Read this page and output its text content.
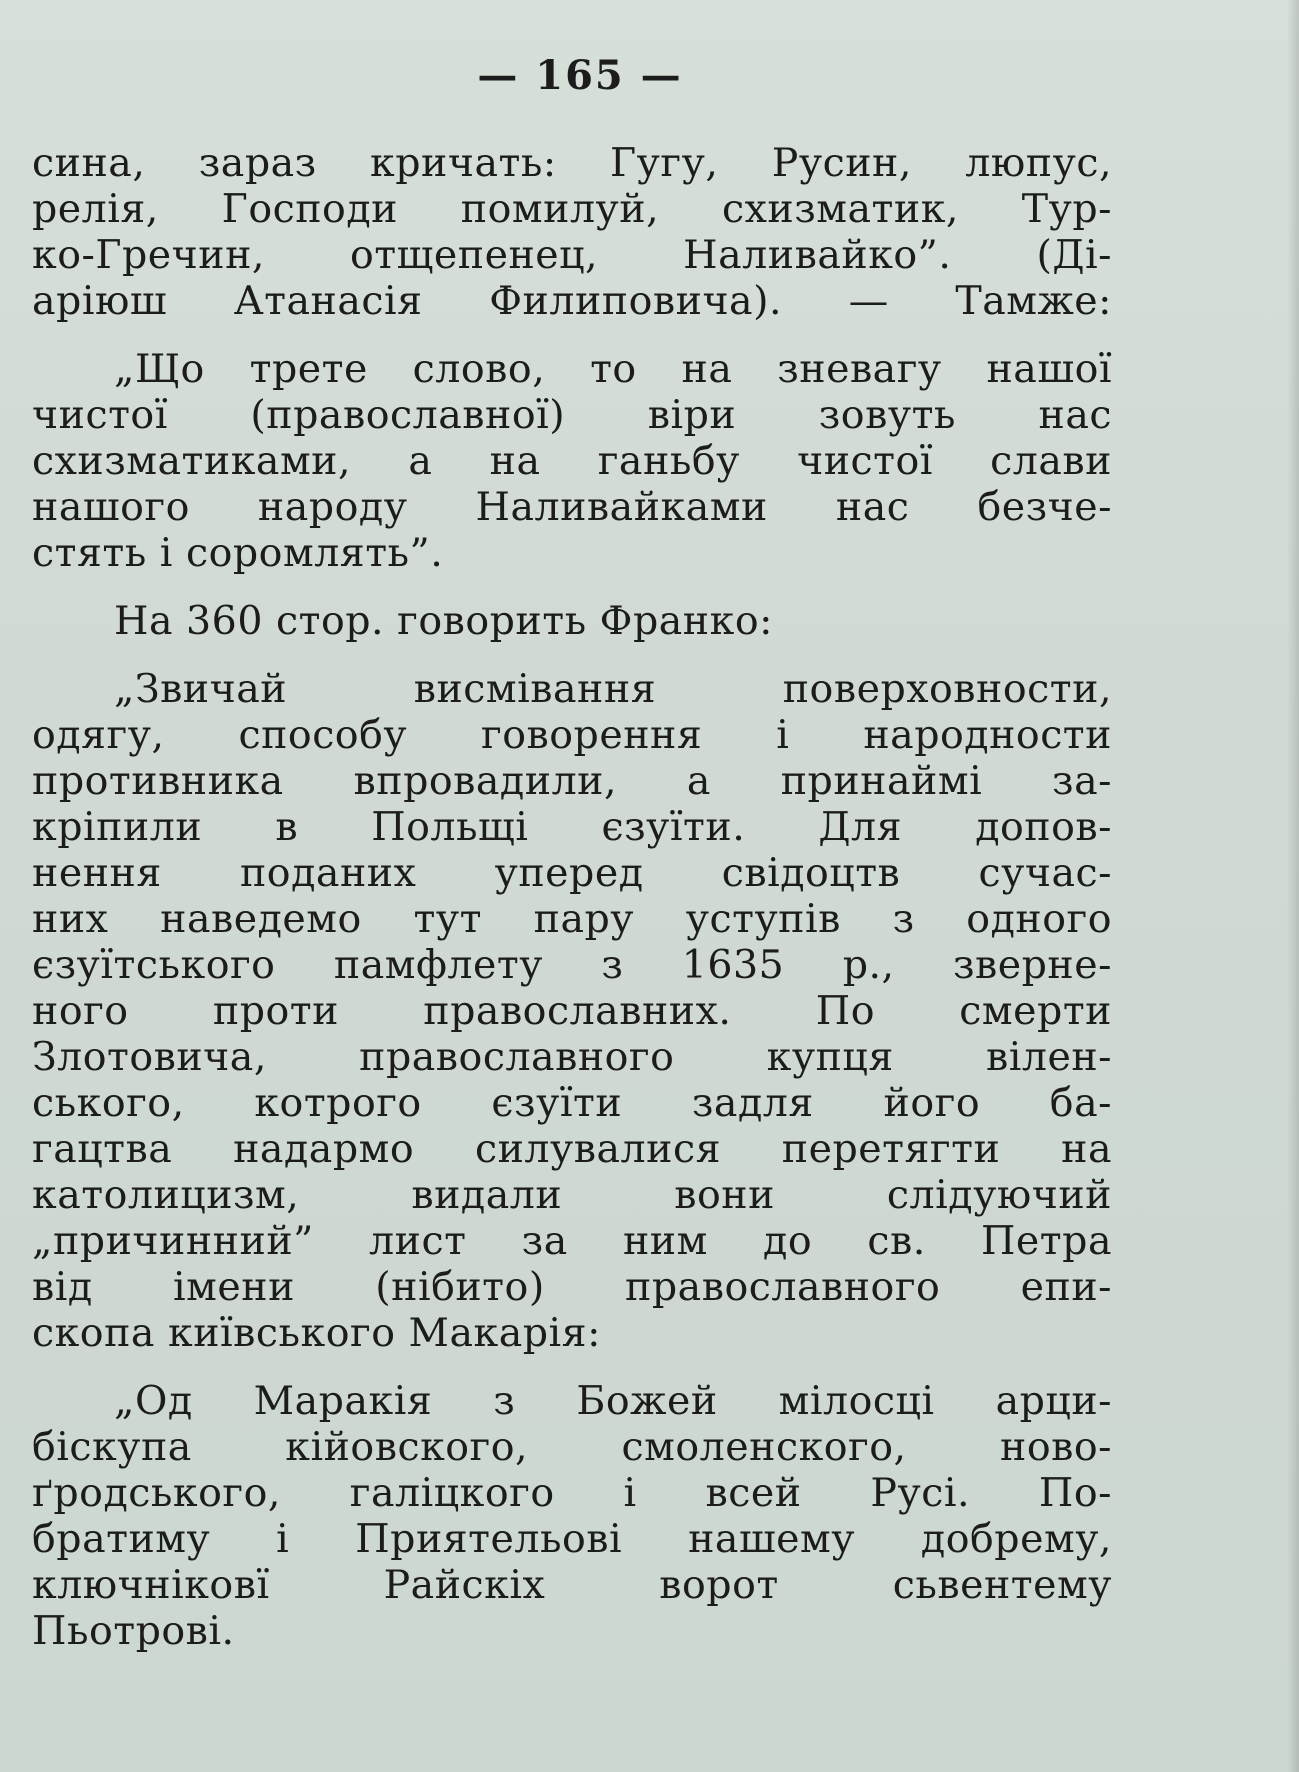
— 165 —
сина, зараз кричать: Гугу, Русин, люпус,
релія, Господи помилуй, схизматик, Тур-
ко-Гречин, отщепенец, Наливайко”. (Ді-
аріюш Атанасія Филиповича). — Тамже:
„Що трете слово, то на зневагу нашої
чистої (православної) віри зовуть нас
схизматиками, а на ганьбу чистої слави
нашого народу Наливайками нас безче-
стять і соромлять”.
На 360 стор. говорить Франко:
„Звичай висмівання поверховности,
одягу, способу говорення і народности
противника впровадили, а принаймі за-
кріпили в Польщі єзуїти. Для допов-
нення поданих уперед свідоцтв сучас-
них наведемо тут пару уступів з одного
єзуїтського памфлету з 1635 р., зверне-
ного проти православних. По смерти
Злотовича, православного купця вілен-
ського, котрого єзуїти задля його ба-
гацтва надармо силувалися перетягти на
католицизм, видали вони слідуючий
„причинний” лист за ним до св. Петра
від імени (нібито) православного епи-
скопа київського Макарія:
„Од Маракія з Божей мілосці арци-
біскупа кійовского, смоленского, ново-
ґродського, галіцкого і всей Русі. По-
братиму і Приятельові нашему добрему,
ключніковї Райскіх ворот сьвентему
Пьотрові.
